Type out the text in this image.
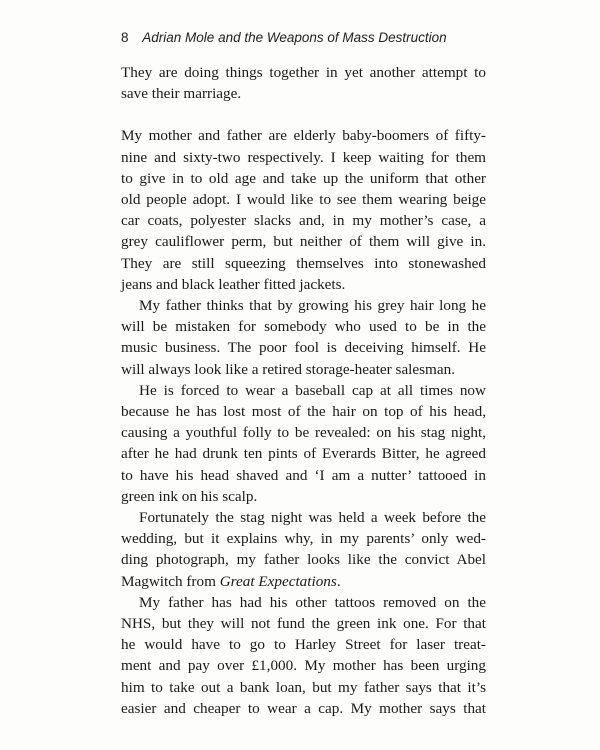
8 Adrian Mole and the Weapons of Mass Destruction

They are doing things together in yet another attempt to
save their marriage.

My mother and father are elderly baby-boomers of fifty-
nine and sixty-two respectively. I keep waiting for them
to give in to old age and take up the uniform that other
old people adopt. I would like to see them wearing beige
car coats, polyester slacks and, in my mother’s case, a
grey cauliflower perm, but neither of them will give in.
They are still squeezing themselves into stonewashed
jeans and black leather fitted jackets.

My father thinks that by growing his grey hair long he
will be mistaken for somebody who used to be in the
music business. The poor fool is deceiving himself. He
will always look like a retired storage-heater salesman.

He is forced to wear a baseball cap at all times now
because he has lost most of the hair on top of his head,
causing a youthful folly to be revealed: on his stag night,
after he had drunk ten pints of Everards Bitter, he agreed
to have his head shaved and ‘I am a nutter’ tattooed in
green ink on his scalp.

Fortunately the stag night was held a week before the
wedding, but it explains why, in my parents’ only wed-
ding photograph, my father looks like the convict Abel
Magwitch from Great Expectations.

My father has had his other tattoos removed on the
NHS, but they will not fund the green ink one. For that
he would have to go to Harley Street for laser treat-
ment and pay over £1,000. My mother has been urging
him to take out a bank loan, but my father says that it’s
easier and cheaper to wear a cap. My mother says that
